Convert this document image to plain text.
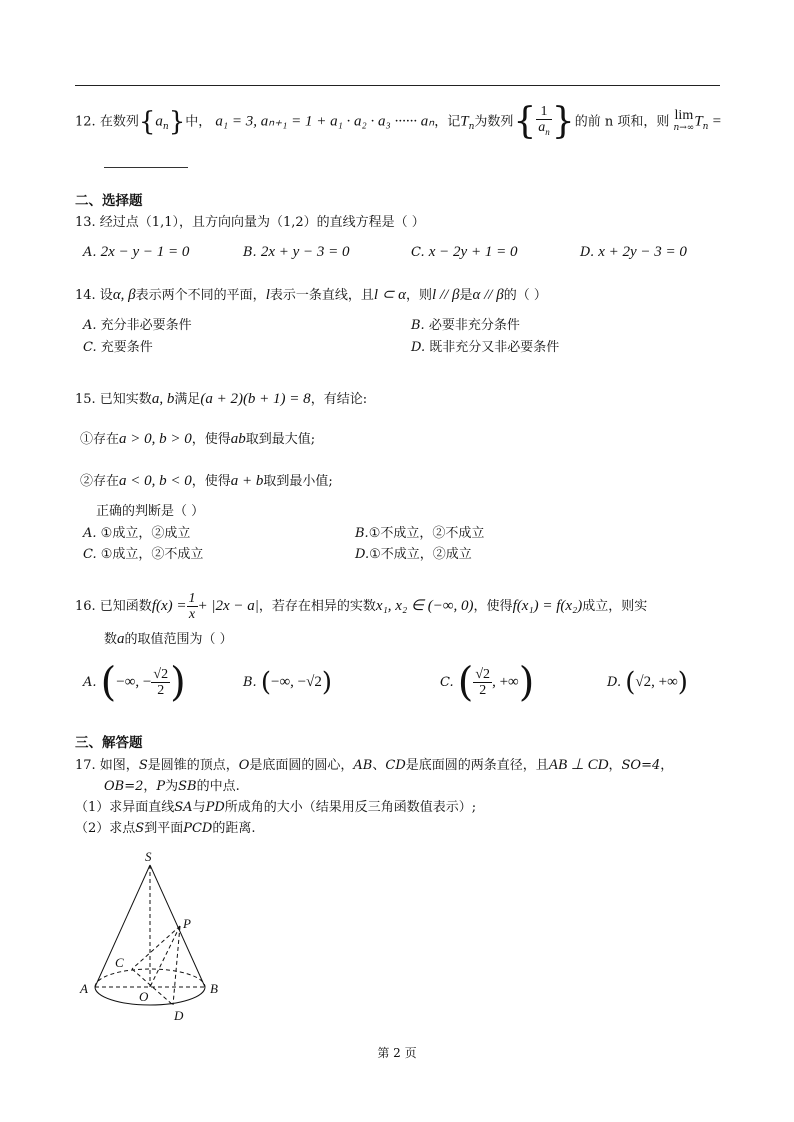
12. 在数列$\{a_n\}$中， a₁ = 3, aₙ₊₁ = 1 + a₁ · a₂ · a₃ ······ aₙ，记$T_n$为数列{ $\frac{1}{a_n}$ }的前 n 项和，则 lim
n→∞ $T_n$ =
二、选择题
13. 经过点（1,1），且方向向量为（1,2）的直线方程是（ ）
A. 2x − y − 1 = 0	B. 2x + y − 3 = 0	C. x − 2y + 1 = 0	D. x + 2y − 3 = 0
14. 设α, β表示两个不同的平面，l表示一条直线，且l ⊂ α，则l // β是α // β的（ ）
A. 充分非必要条件	B. 必要非充分条件
C. 充要条件	D. 既非充分又非必要条件
15. 已知实数a, b满足(a + 2)(b + 1) = 8，有结论:
①存在a > 0, b > 0，使得ab取到最大值;
②存在a < 0, b < 0，使得a + b取到最小值;
正确的判断是（ ）
A. ①成立，②成立	B.①不成立，②不成立
C. ①成立，②不成立	D.①不成立，②成立
16. 已知函数$f(x) = \frac{1}{x} + |2x - a|$，若存在相异的实数x₁, x₂ ∈ (−∞, 0)，使得f(x₁) = f(x₂)成立，则实
数a的取值范围为（ ）
A. (−∞, − $\frac{√2}{2}$ )	B. (−∞, −√2)	C. ( $\frac{√2}{2}$ , +∞)	D. (√2, +∞)
三、解答题
17. 如图，S是圆锥的顶点，O是底面圆的圆心，AB、CD是底面圆的两条直径，且AB ⊥ CD，SO=4，
OB=2，P为SB的中点.
（1）求异面直线SA与PD所成角的大小（结果用反三角函数值表示）;
（2）求点S到平面PCD的距离.
S
P
C
A
O
B
D
第 2 页
